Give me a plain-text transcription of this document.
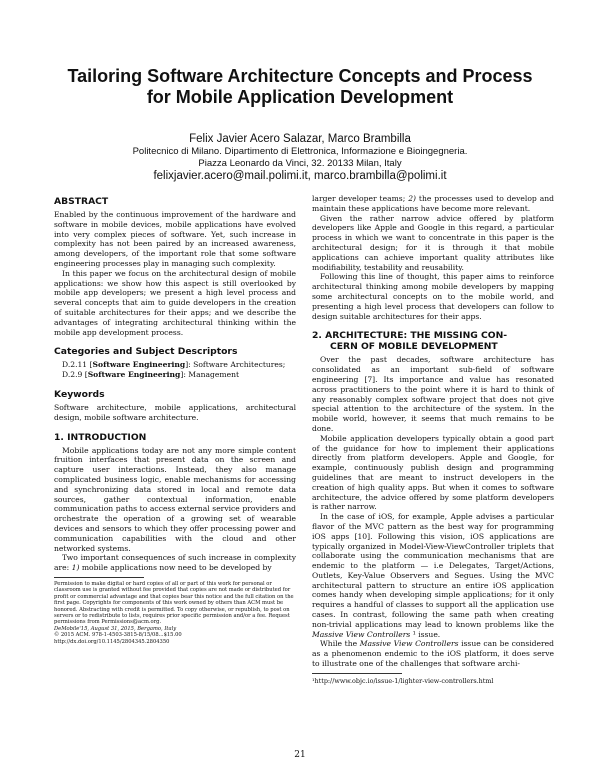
Tailoring Software Architecture Concepts and Process
for Mobile Application Development
Felix Javier Acero Salazar, Marco Brambilla
Politecnico di Milano. Dipartimento di Elettronica, Informazione e Bioingegneria.
Piazza Leonardo da Vinci, 32. 20133 Milan, Italy
felixjavier.acero@mail.polimi.it, marco.brambilla@polimi.it
ABSTRACT

Enabled by the continuous improvement of the hardware and software in mobile devices, mobile applications have evolved into very complex pieces of software. Yet, such increase in complexity has not been paired by an increased awareness, among developers, of the important role that some software engineering processes play in managing such complexity.

In this paper we focus on the architectural design of mobile applications: we show how this aspect is still overlooked by mobile app developers; we present a high level process and several concepts that aim to guide developers in the creation of suitable architectures for their apps; and we describe the advantages of integrating architectural thinking within the mobile app development process.

Categories and Subject Descriptors

D.2.11 [Software Engineering]: Software Architectures;

D.2.9 [Software Engineering]: Management

Keywords

Software architecture, mobile applications, architectural design, mobile software architecture.

1. INTRODUCTION

Mobile applications today are not any more simple content fruition interfaces that present data on the screen and capture user interactions. Instead, they also manage complicated business logic, enable mechanisms for accessing and synchronizing data stored in local and remote data sources, gather contextual information, enable communication paths to access external service providers and orchestrate the operation of a growing set of wearable devices and sensors to which they offer processing power and communication capabilities with the cloud and other networked systems.

Two important consequences of such increase in complexity are: 1) mobile applications now need to be developed by

Permission to make digital or hard copies of all or part of this work for personal or classroom use is granted without fee provided that copies are not made or distributed for profit or commercial advantage and that copies bear this notice and the full citation on the first page. Copyrights for components of this work owned by others than ACM must be honored. Abstracting with credit is permitted. To copy otherwise, or republish, to post on servers or to redistribute to lists, requires prior specific permission and/or a fee. Request permissions from Permissions@acm.org.
DeMobile'15, August 31, 2015, Bergamo, Italy
© 2015 ACM. 978-1-4503-3815-8/15/08...$15.00
http://dx.doi.org/10.1145/2804345.2804350

larger developer teams; 2) the processes used to develop and maintain these applications have become more relevant.

Given the rather narrow advice offered by platform developers like Apple and Google in this regard, a particular process in which we want to concentrate in this paper is the architectural design; for it is through it that mobile applications can achieve important quality attributes like modifiability, testability and reusability.

Following this line of thought, this paper aims to reinforce architectural thinking among mobile developers by mapping some architectural concepts on to the mobile world, and presenting a high level process that developers can follow to design suitable architectures for their apps.

2. ARCHITECTURE: THE MISSING CON-
CERN OF MOBILE DEVELOPMENT

Over the past decades, software architecture has consolidated as an important sub-field of software engineering [7]. Its importance and value has resonated across practitioners to the point where it is hard to think of any reasonably complex software project that does not give special attention to the architecture of the system. In the mobile world, however, it seems that much remains to be done.

Mobile application developers typically obtain a good part of the guidance for how to implement their applications directly from platform developers. Apple and Google, for example, continuously publish design and programming guidelines that are meant to instruct developers in the creation of high quality apps. But when it comes to software architecture, the advice offered by some platform developers is rather narrow.

In the case of iOS, for example, Apple advises a particular flavor of the MVC pattern as the best way for programming iOS apps [10]. Following this vision, iOS applications are typically organized in Model-View-ViewController triplets that collaborate using the communication mechanisms that are endemic to the platform — i.e Delegates, Target/Actions, Outlets, Key-Value Observers and Segues. Using the MVC architectural pattern to structure an entire iOS application comes handy when developing simple applications; for it only requires a handful of classes to support all the application use cases. In contrast, following the same path when creating non-trivial applications may lead to known problems like the Massive View Controllers ¹ issue.

While the Massive View Controllers issue can be considered as a phenomenon endemic to the iOS platform, it does serve to illustrate one of the challenges that software archi-

¹http://www.objc.io/issue-1/lighter-view-controllers.html
21
